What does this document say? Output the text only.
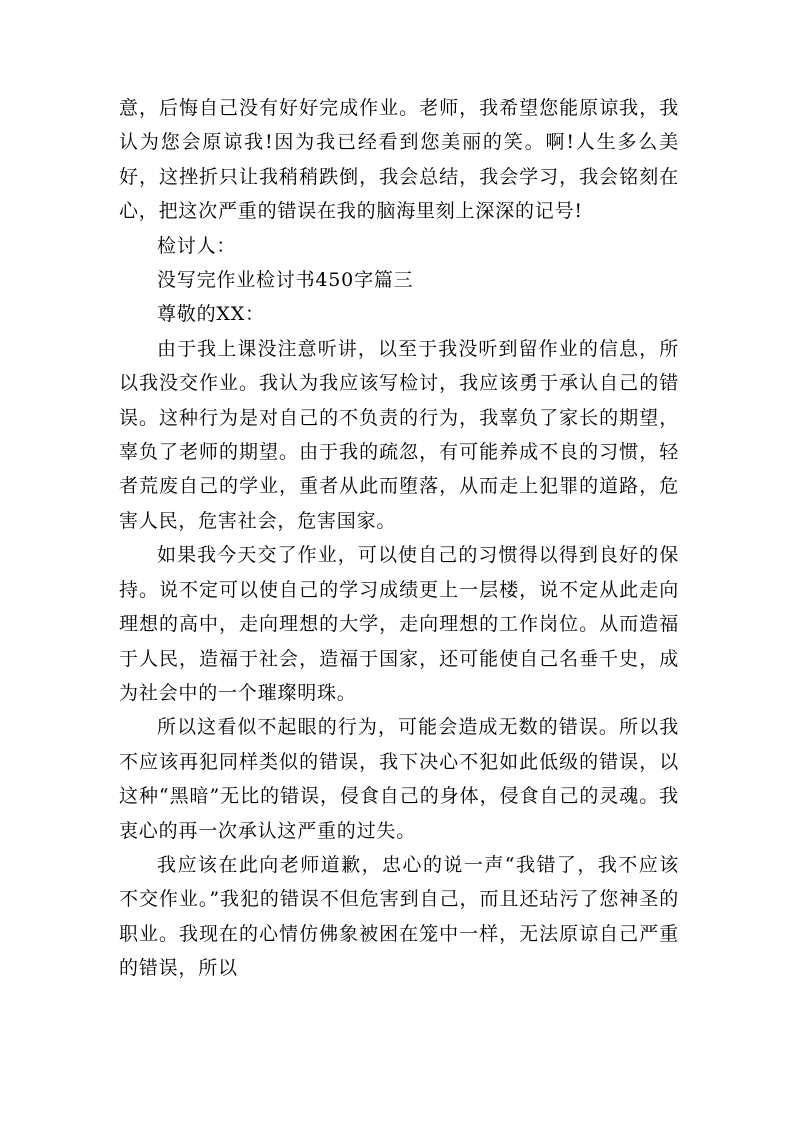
意，后悔自己没有好好完成作业。老师，我希望您能原谅我，我认为您会原谅我!因为我已经看到您美丽的笑。啊!人生多么美好，这挫折只让我稍稍跌倒，我会总结，我会学习，我会铭刻在心，把这次严重的错误在我的脑海里刻上深深的记号!

检讨人：

没写完作业检讨书450字篇三

尊敬的XX：

由于我上课没注意听讲，以至于我没听到留作业的信息，所以我没交作业。我认为我应该写检讨，我应该勇于承认自己的错误。这种行为是对自己的不负责的行为，我辜负了家长的期望，辜负了老师的期望。由于我的疏忽，有可能养成不良的习惯，轻者荒废自己的学业，重者从此而堕落，从而走上犯罪的道路，危害人民，危害社会，危害国家。

如果我今天交了作业，可以使自己的习惯得以得到良好的保持。说不定可以使自己的学习成绩更上一层楼，说不定从此走向理想的高中，走向理想的大学，走向理想的工作岗位。从而造福于人民，造福于社会，造福于国家，还可能使自己名垂千史，成为社会中的一个璀璨明珠。

所以这看似不起眼的行为，可能会造成无数的错误。所以我不应该再犯同样类似的错误，我下决心不犯如此低级的错误，以这种“黑暗”无比的错误，侵食自己的身体，侵食自己的灵魂。我衷心的再一次承认这严重的过失。

我应该在此向老师道歉，忠心的说一声“我错了，我不应该不交作业。”我犯的错误不但危害到自己，而且还玷污了您神圣的职业。我现在的心情仿佛象被困在笼中一样，无法原谅自己严重的错误，所以
